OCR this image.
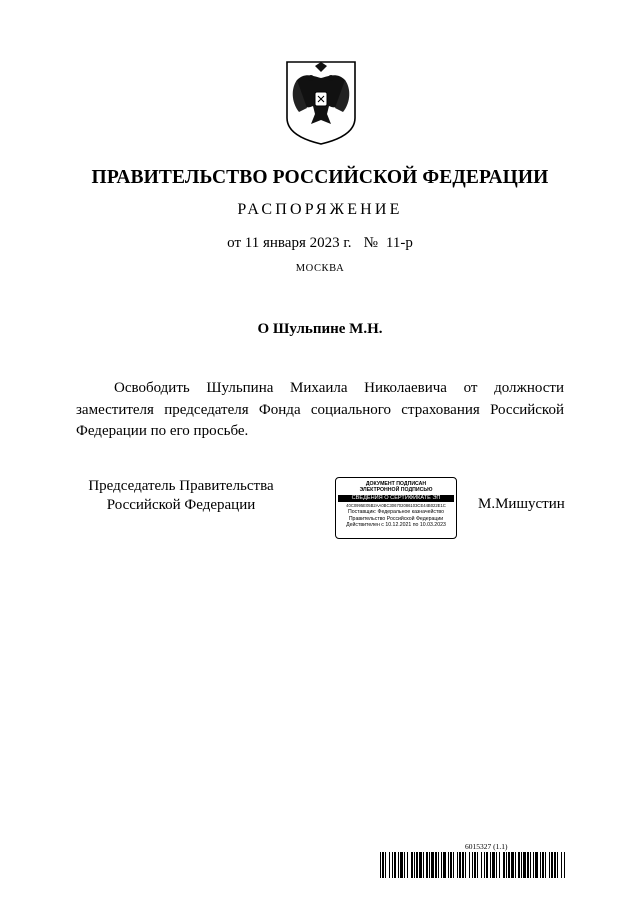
ПРАВИТЕЛЬСТВО РОССИЙСКОЙ ФЕДЕРАЦИИ
РАСПОРЯЖЕНИЕ
от 11 января 2023 г. № 11-р
МОСКВА
О Шульпине М.Н.

Освободить Шульпина Михаила Николаевича от должности заместителя председателя Фонда социального страхования Российской Федерации по его просьбе.

Председатель Правительства
Российской Федерации
ДОКУМЕНТ ПОДПИСАН
ЭЛЕКТРОННОЙ ПОДПИСЬЮ
СВЕДЕНИЯ О СЕРТИФИКАТЕ ЭП
40C0995E05B2AA0BC306702086103CE44B022E1C
Поставщик: Федеральное казначейство
Правительство Российской Федерации
Действителен с 10.12.2021 по 10.03.2023
М.Мишустин
6015327 (1.1)
